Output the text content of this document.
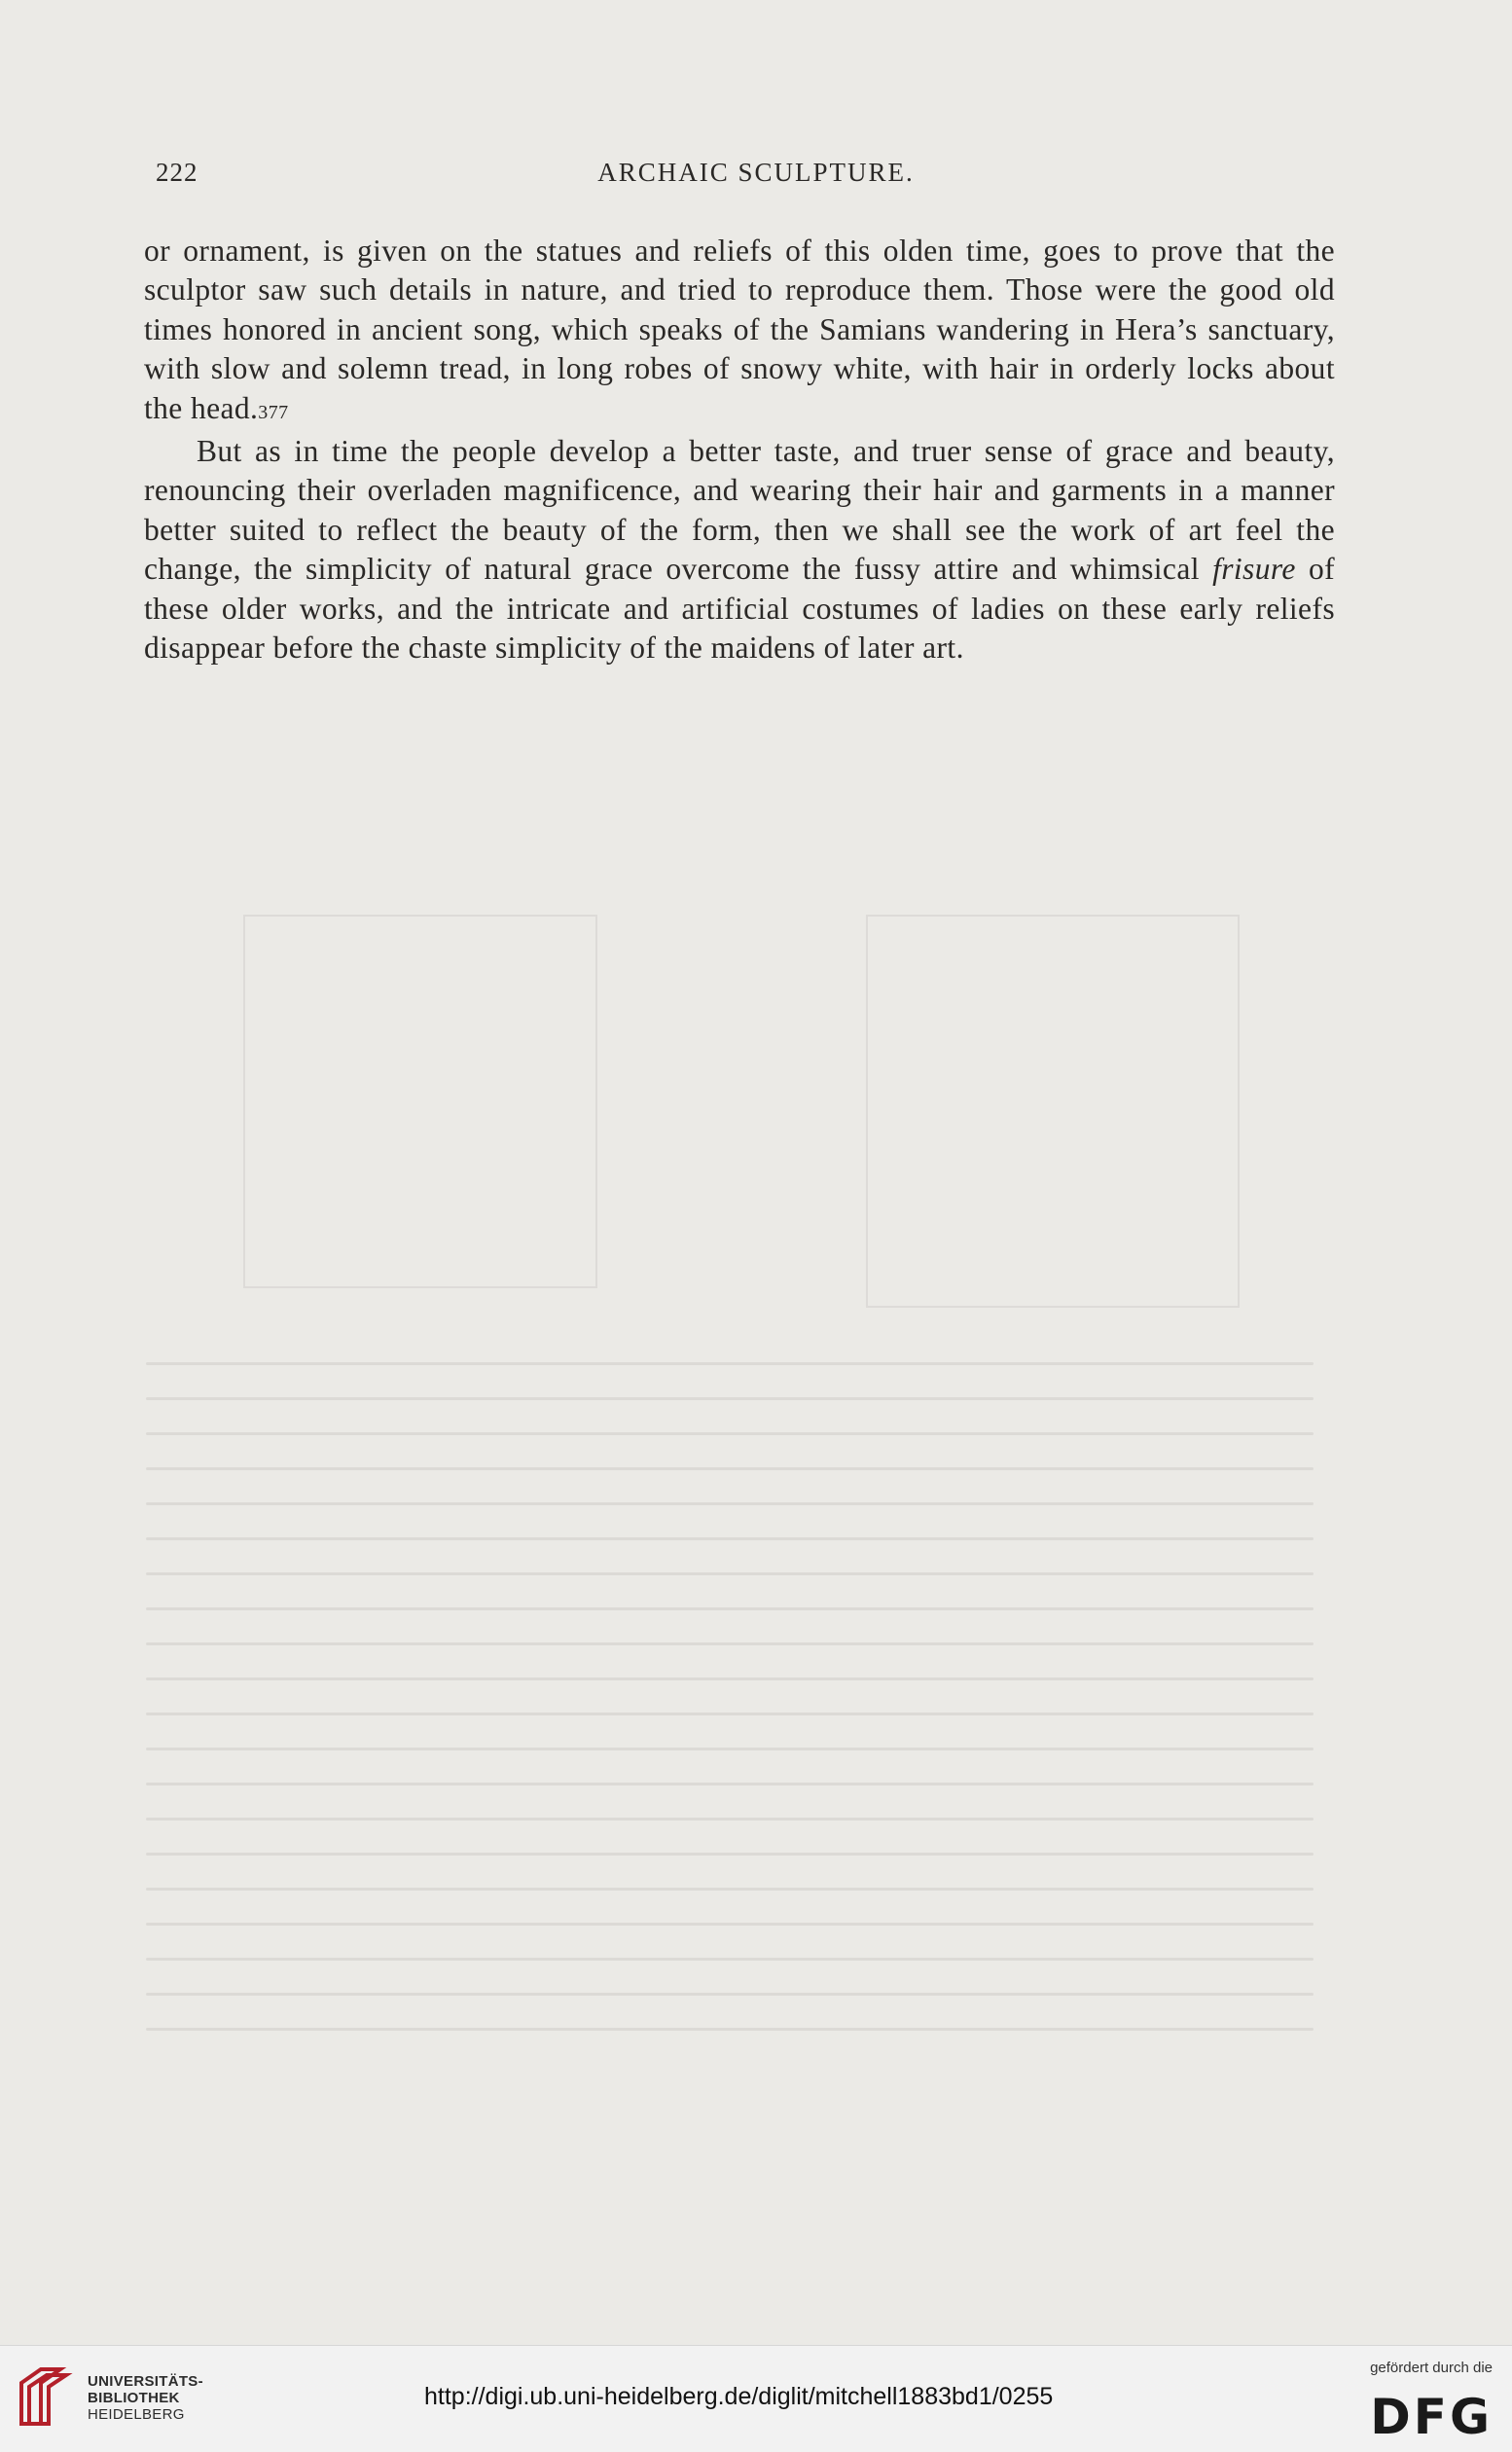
222	ARCHAIC SCULPTURE.

or ornament, is given on the statues and reliefs of this olden time, goes to prove that the sculptor saw such details in nature, and tried to reproduce them. Those were the good old times honored in ancient song, which speaks of the Samians wandering in Hera’s sanctuary, with slow and solemn tread, in long robes of snowy white, with hair in orderly locks about the head.377

But as in time the people develop a better taste, and truer sense of grace and beauty, renouncing their overladen magnificence, and wearing their hair and garments in a manner better suited to reflect the beauty of the form, then we shall see the work of art feel the change, the simplicity of natural grace overcome the fussy attire and whimsical frisure of these older works, and the intricate and artificial costumes of ladies on these early reliefs disappear before the chaste simplicity of the maidens of later art.

UNIVERSITÄTS-
BIBLIOTHEK
HEIDELBERG
http://digi.ub.uni-heidelberg.de/diglit/mitchell1883bd1/0255
gefördert durch die
DFG
